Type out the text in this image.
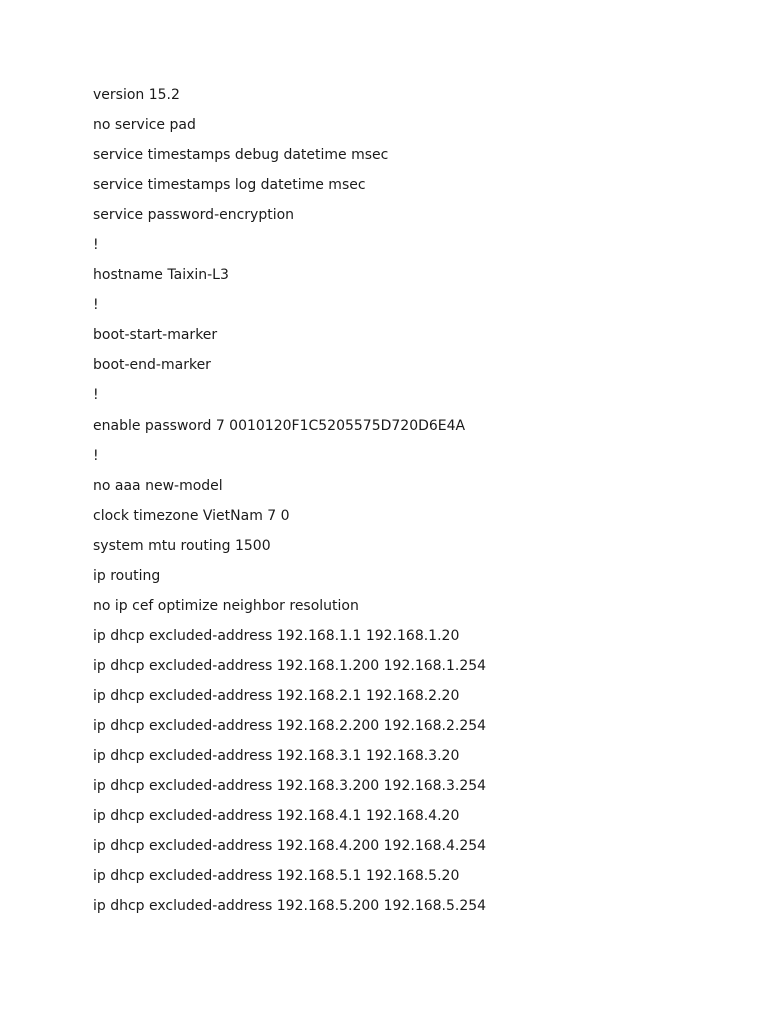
version 15.2
no service pad
service timestamps debug datetime msec
service timestamps log datetime msec
service password-encryption
!
hostname Taixin-L3
!
boot-start-marker
boot-end-marker
!
enable password 7 0010120F1C5205575D720D6E4A
!
no aaa new-model
clock timezone VietNam 7 0
system mtu routing 1500
ip routing
no ip cef optimize neighbor resolution
ip dhcp excluded-address 192.168.1.1 192.168.1.20
ip dhcp excluded-address 192.168.1.200 192.168.1.254
ip dhcp excluded-address 192.168.2.1 192.168.2.20
ip dhcp excluded-address 192.168.2.200 192.168.2.254
ip dhcp excluded-address 192.168.3.1 192.168.3.20
ip dhcp excluded-address 192.168.3.200 192.168.3.254
ip dhcp excluded-address 192.168.4.1 192.168.4.20
ip dhcp excluded-address 192.168.4.200 192.168.4.254
ip dhcp excluded-address 192.168.5.1 192.168.5.20
ip dhcp excluded-address 192.168.5.200 192.168.5.254
